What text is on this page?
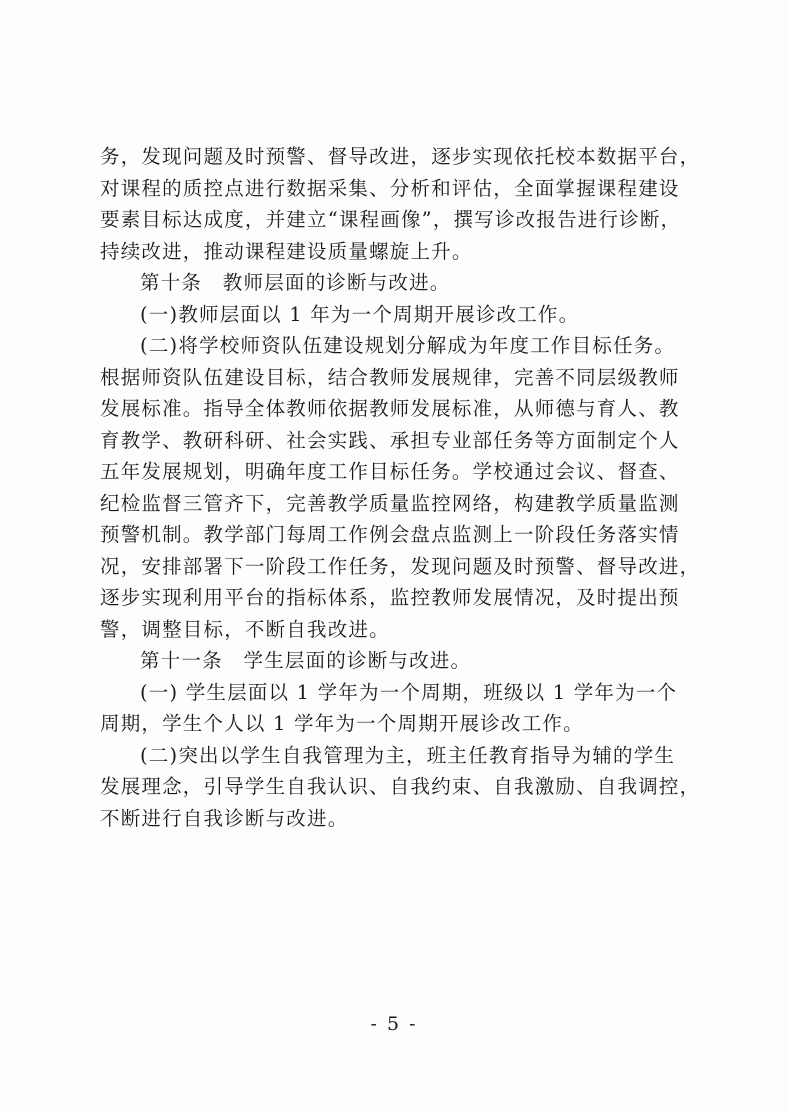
务，发现问题及时预警、督导改进，逐步实现依托校本数据平台，
对课程的质控点进行数据采集、分析和评估，全面掌握课程建设
要素目标达成度，并建立“课程画像”，撰写诊改报告进行诊断，
持续改进，推动课程建设质量螺旋上升。
第十条　教师层面的诊断与改进。
(一)教师层面以 1 年为一个周期开展诊改工作。
(二)将学校师资队伍建设规划分解成为年度工作目标任务。
根据师资队伍建设目标，结合教师发展规律，完善不同层级教师
发展标准。指导全体教师依据教师发展标准，从师德与育人、教
育教学、教研科研、社会实践、承担专业部任务等方面制定个人
五年发展规划，明确年度工作目标任务。学校通过会议、督查、
纪检监督三管齐下，完善教学质量监控网络，构建教学质量监测
预警机制。教学部门每周工作例会盘点监测上一阶段任务落实情
况，安排部署下一阶段工作任务，发现问题及时预警、督导改进，
逐步实现利用平台的指标体系，监控教师发展情况，及时提出预
警，调整目标，不断自我改进。
第十一条　学生层面的诊断与改进。
(一) 学生层面以 1 学年为一个周期，班级以 1 学年为一个
周期，学生个人以 1 学年为一个周期开展诊改工作。
(二)突出以学生自我管理为主，班主任教育指导为辅的学生
发展理念，引导学生自我认识、自我约束、自我激励、自我调控，
不断进行自我诊断与改进。
- 5 -
